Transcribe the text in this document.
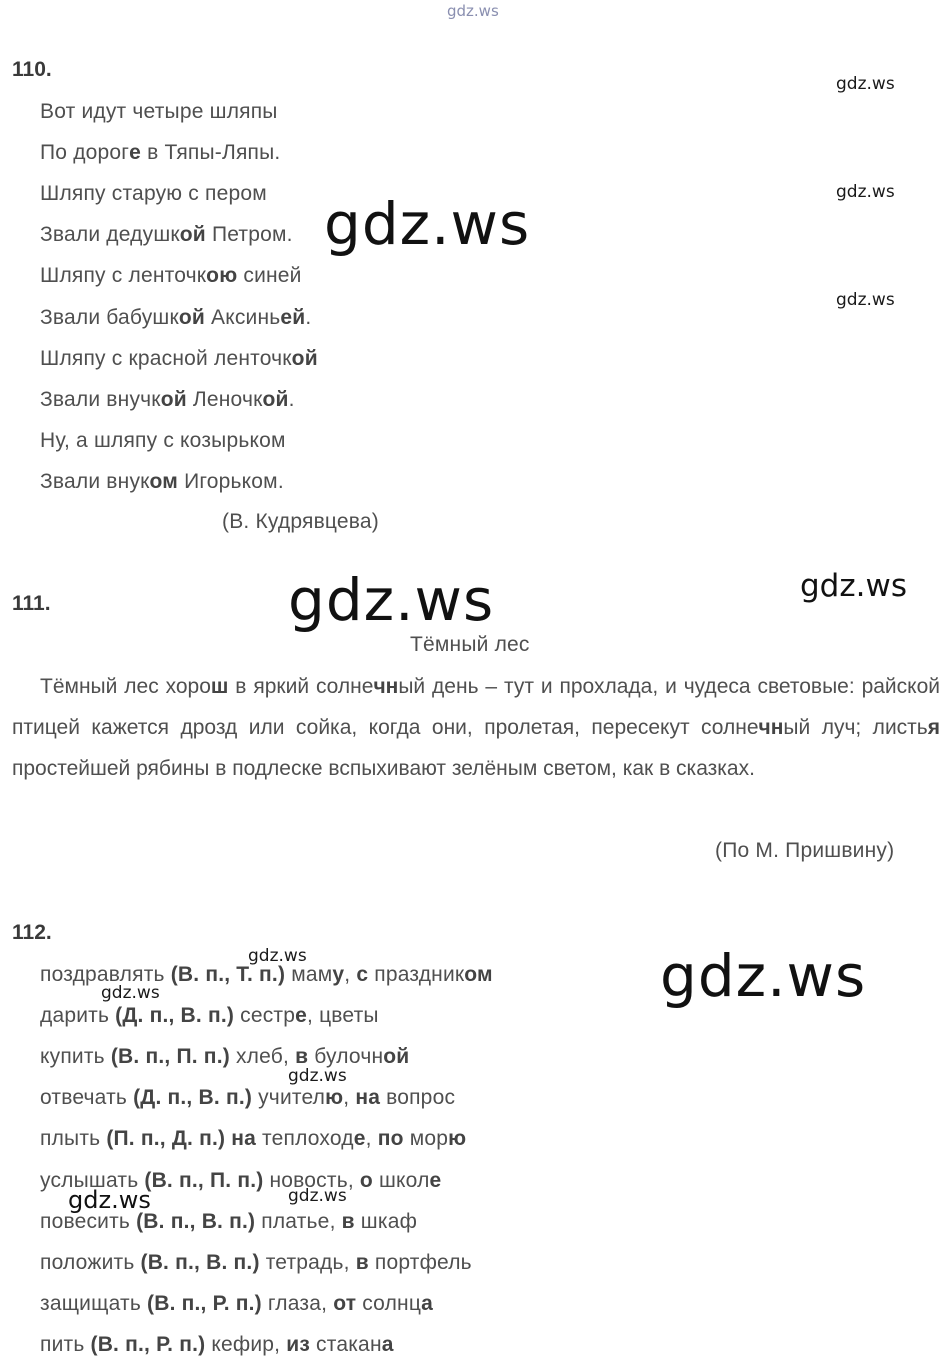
gdz.ws
gdz.ws
gdz.ws
gdz.ws
gdz.ws
gdz.ws	gdz.ws
gdz.ws
gdz.ws
gdz.ws
gdz.ws
gdz.ws
gdz.ws
110.
Вот идут четыре шляпы
По дороге в Тяпы-Ляпы.
Шляпу старую с пером
Звали дедушкой Петром.
Шляпу с ленточкою синей
Звали бабушкой Аксиньей.
Шляпу с красной ленточкой
Звали внучкой Леночкой.
Ну, а шляпу с козырьком
Звали внуком Игорьком.
(В. Кудрявцева)
111.
Тёмный лес
Тёмный лес хорош в яркий солнечный день – тут и прохлада, и чудеса световые: райской птицей кажется дрозд или сойка, когда они, пролетая, пересекут солнечный луч; листья простейшей рябины в подлеске вспыхивают зелёным светом, как в сказках.
(По М. Пришвину)
112.
поздравлять (В. п., Т. п.) маму, с праздником
дарить (Д. п., В. п.) сестре, цветы
купить (В. п., П. п.) хлеб, в булочной
отвечать (Д. п., В. п.) учителю, на вопрос
плыть (П. п., Д. п.) на теплоходе, по морю
услышать (В. п., П. п.) новость, о школе
повесить (В. п., В. п.) платье, в шкаф
положить (В. п., В. п.) тетрадь, в портфель
защищать (В. п., Р. п.) глаза, от солнца
пить (В. п., Р. п.) кефир, из стакана
